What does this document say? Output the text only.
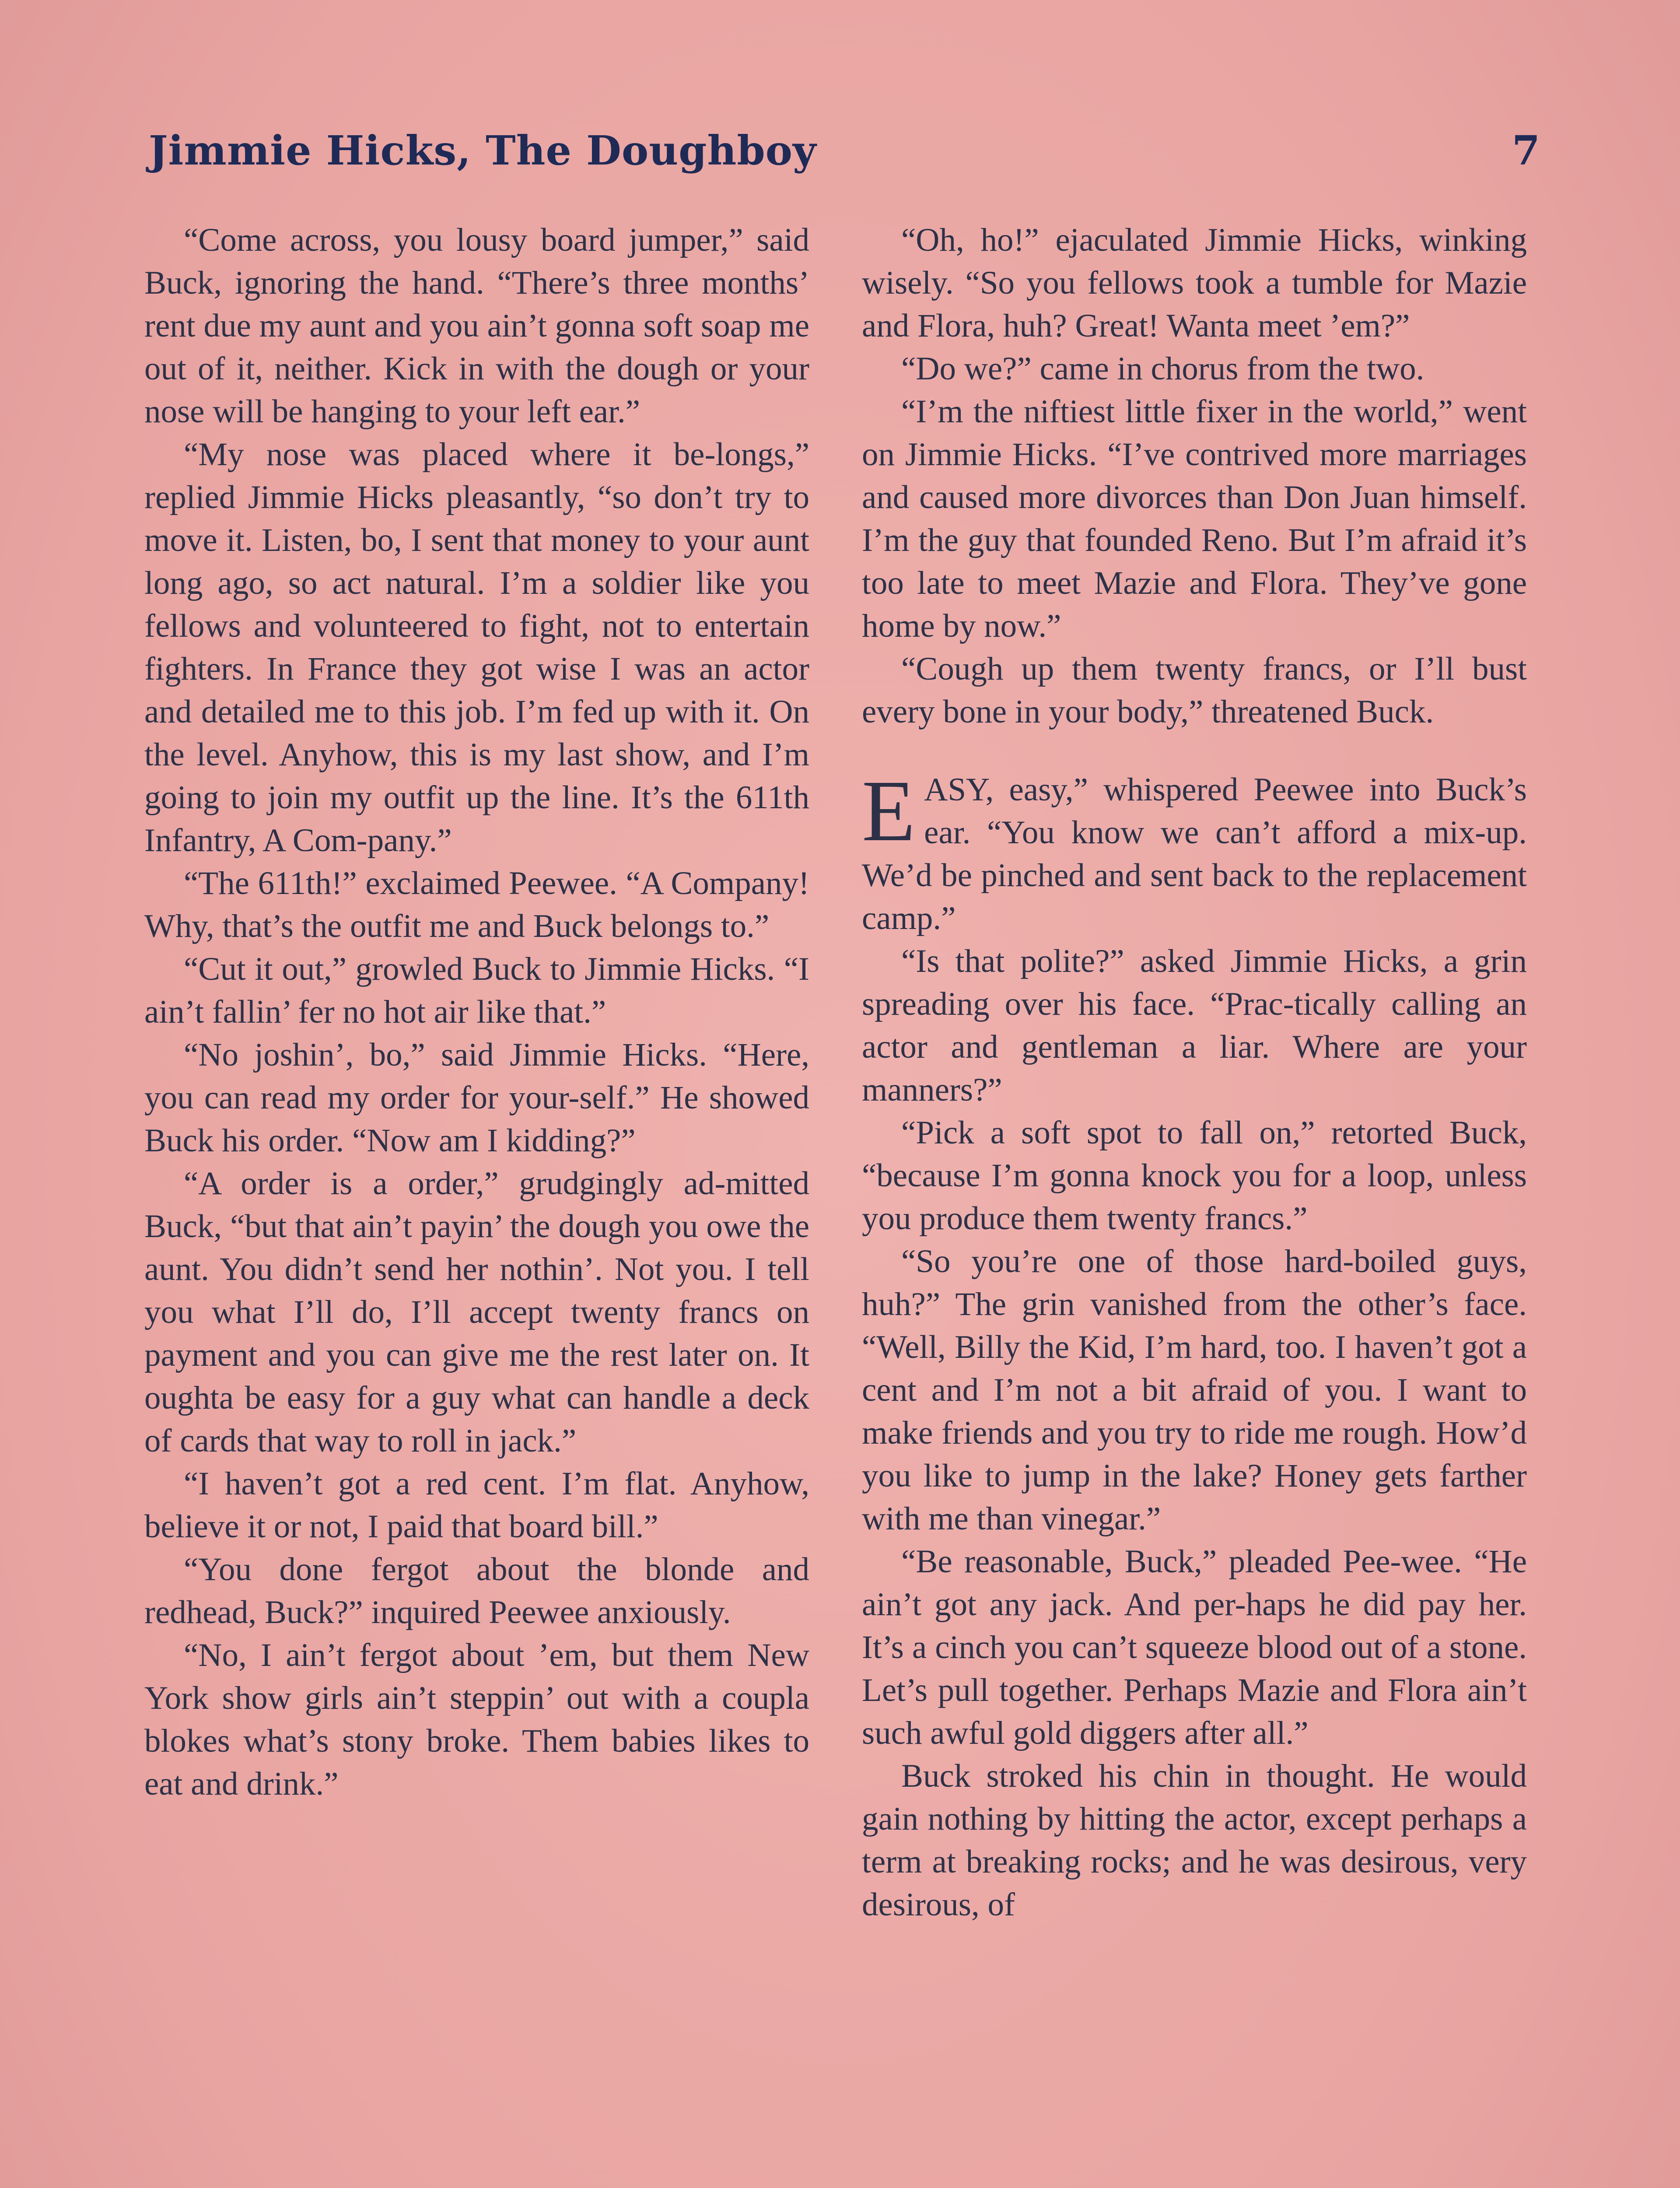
Jimmie Hicks, The Doughboy	7

“Come across, you lousy board jumper,” said Buck, ignoring the hand. “There’s three months’ rent due my aunt and you ain’t gonna soft soap me out of it, neither. Kick in with the dough or your nose will be hanging to your left ear.”

“My nose was placed where it be-longs,” replied Jimmie Hicks pleasantly, “so don’t try to move it. Listen, bo, I sent that money to your aunt long ago, so act natural. I’m a soldier like you fellows and volunteered to fight, not to entertain fighters. In France they got wise I was an actor and detailed me to this job. I’m fed up with it. On the level. Anyhow, this is my last show, and I’m going to join my outfit up the line. It’s the 611th Infantry, A Com-pany.”

“The 611th!” exclaimed Peewee. “A Company! Why, that’s the outfit me and Buck belongs to.”

“Cut it out,” growled Buck to Jimmie Hicks. “I ain’t fallin’ fer no hot air like that.”

“No joshin’, bo,” said Jimmie Hicks. “Here, you can read my order for your-self.” He showed Buck his order. “Now am I kidding?”

“A order is a order,” grudgingly ad-mitted Buck, “but that ain’t payin’ the dough you owe the aunt. You didn’t send her nothin’. Not you. I tell you what I’ll do, I’ll accept twenty francs on payment and you can give me the rest later on. It oughta be easy for a guy what can handle a deck of cards that way to roll in jack.”

“I haven’t got a red cent. I’m flat. Anyhow, believe it or not, I paid that board bill.”

“You done fergot about the blonde and redhead, Buck?” inquired Peewee anxiously.

“No, I ain’t fergot about ’em, but them New York show girls ain’t steppin’ out with a coupla blokes what’s stony broke. Them babies likes to eat and drink.”

“Oh, ho!” ejaculated Jimmie Hicks, winking wisely. “So you fellows took a tumble for Mazie and Flora, huh? Great! Wanta meet ’em?”

“Do we?” came in chorus from the two.

“I’m the niftiest little fixer in the world,” went on Jimmie Hicks. “I’ve contrived more marriages and caused more divorces than Don Juan himself. I’m the guy that founded Reno. But I’m afraid it’s too late to meet Mazie and Flora. They’ve gone home by now.”

“Cough up them twenty francs, or I’ll bust every bone in your body,” threatened Buck.

EASY, easy,” whispered Peewee into Buck’s ear. “You know we can’t afford a mix-up. We’d be pinched and sent back to the replacement camp.”

“Is that polite?” asked Jimmie Hicks, a grin spreading over his face. “Prac-tically calling an actor and gentleman a liar. Where are your manners?”

“Pick a soft spot to fall on,” retorted Buck, “because I’m gonna knock you for a loop, unless you produce them twenty francs.”

“So you’re one of those hard-boiled guys, huh?” The grin vanished from the other’s face. “Well, Billy the Kid, I’m hard, too. I haven’t got a cent and I’m not a bit afraid of you. I want to make friends and you try to ride me rough. How’d you like to jump in the lake? Honey gets farther with me than vinegar.”

“Be reasonable, Buck,” pleaded Pee-wee. “He ain’t got any jack. And per-haps he did pay her. It’s a cinch you can’t squeeze blood out of a stone. Let’s pull together. Perhaps Mazie and Flora ain’t such awful gold diggers after all.”

Buck stroked his chin in thought. He would gain nothing by hitting the actor, except perhaps a term at breaking rocks; and he was desirous, very desirous, of
